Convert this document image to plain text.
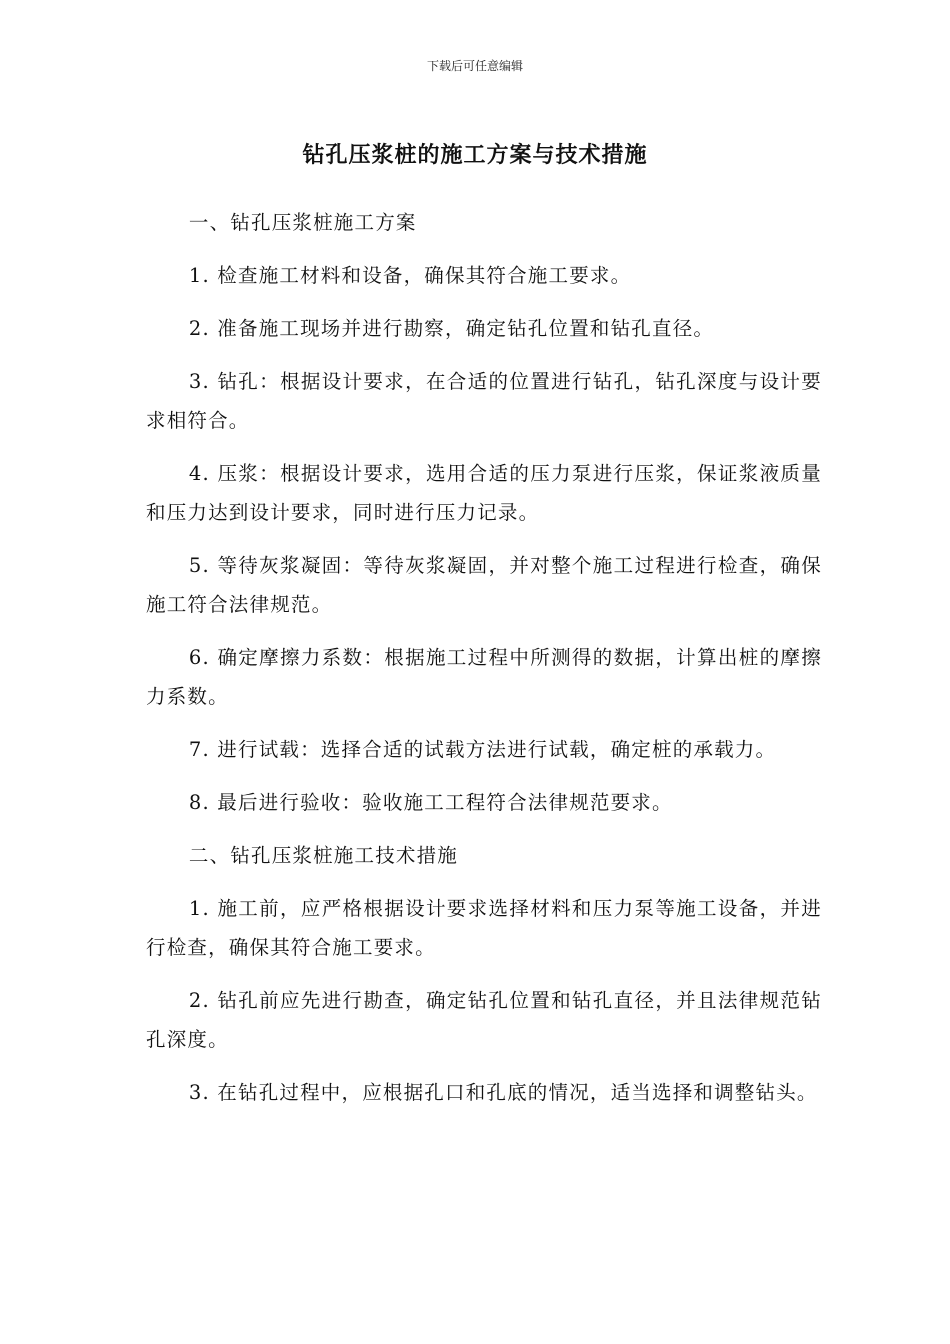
下载后可任意编辑
钻孔压浆桩的施工方案与技术措施

一、钻孔压浆桩施工方案

1. 检查施工材料和设备，确保其符合施工要求。

2. 准备施工现场并进行勘察，确定钻孔位置和钻孔直径。

3. 钻孔：根据设计要求，在合适的位置进行钻孔，钻孔深度与设计要求相符合。

4. 压浆：根据设计要求，选用合适的压力泵进行压浆，保证浆液质量和压力达到设计要求，同时进行压力记录。

5. 等待灰浆凝固：等待灰浆凝固，并对整个施工过程进行检查，确保施工符合法律规范。

6. 确定摩擦力系数：根据施工过程中所测得的数据，计算出桩的摩擦力系数。

7. 进行试载：选择合适的试载方法进行试载，确定桩的承载力。

8. 最后进行验收：验收施工工程符合法律规范要求。

二、钻孔压浆桩施工技术措施

1. 施工前，应严格根据设计要求选择材料和压力泵等施工设备，并进行检查，确保其符合施工要求。

2. 钻孔前应先进行勘查，确定钻孔位置和钻孔直径，并且法律规范钻孔深度。

3. 在钻孔过程中，应根据孔口和孔底的情况，适当选择和调整钻头。
